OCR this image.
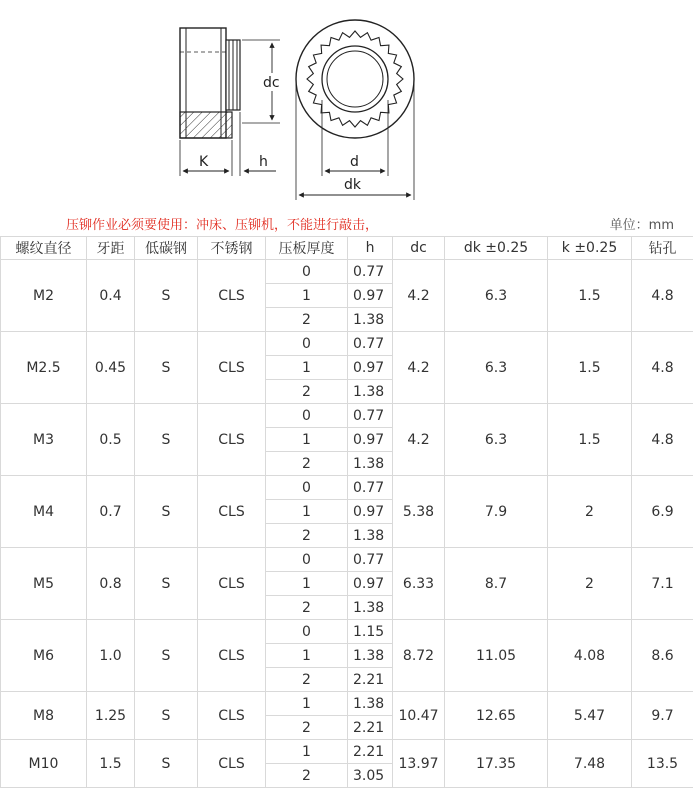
dc
K	h	d
dk
压铆作业必须要使用：冲床、压铆机，不能进行敲击，	单位：mm
螺纹直径	牙距	低碳钢	不锈钢	压板厚度	h	dc	dk ±0.25	k ±0.25	钻孔
M2	0.4	S	CLS	0	0.77	4.2	6.3	1.5	4.8
				1	0.97				
				2	1.38				
M2.5	0.45	S	CLS	0	0.77	4.2	6.3	1.5	4.8
				1	0.97				
				2	1.38				
M3	0.5	S	CLS	0	0.77	4.2	6.3	1.5	4.8
				1	0.97				
				2	1.38				
M4	0.7	S	CLS	0	0.77	5.38	7.9	2	6.9
				1	0.97				
				2	1.38				
M5	0.8	S	CLS	0	0.77	6.33	8.7	2	7.1
				1	0.97				
				2	1.38				
M6	1.0	S	CLS	0	1.15	8.72	11.05	4.08	8.6
				1	1.38				
				2	2.21				
M8	1.25	S	CLS	1	1.38	10.47	12.65	5.47	9.7
				2	2.21				
M10	1.5	S	CLS	1	2.21	13.97	17.35	7.48	13.5
				2	3.05				
